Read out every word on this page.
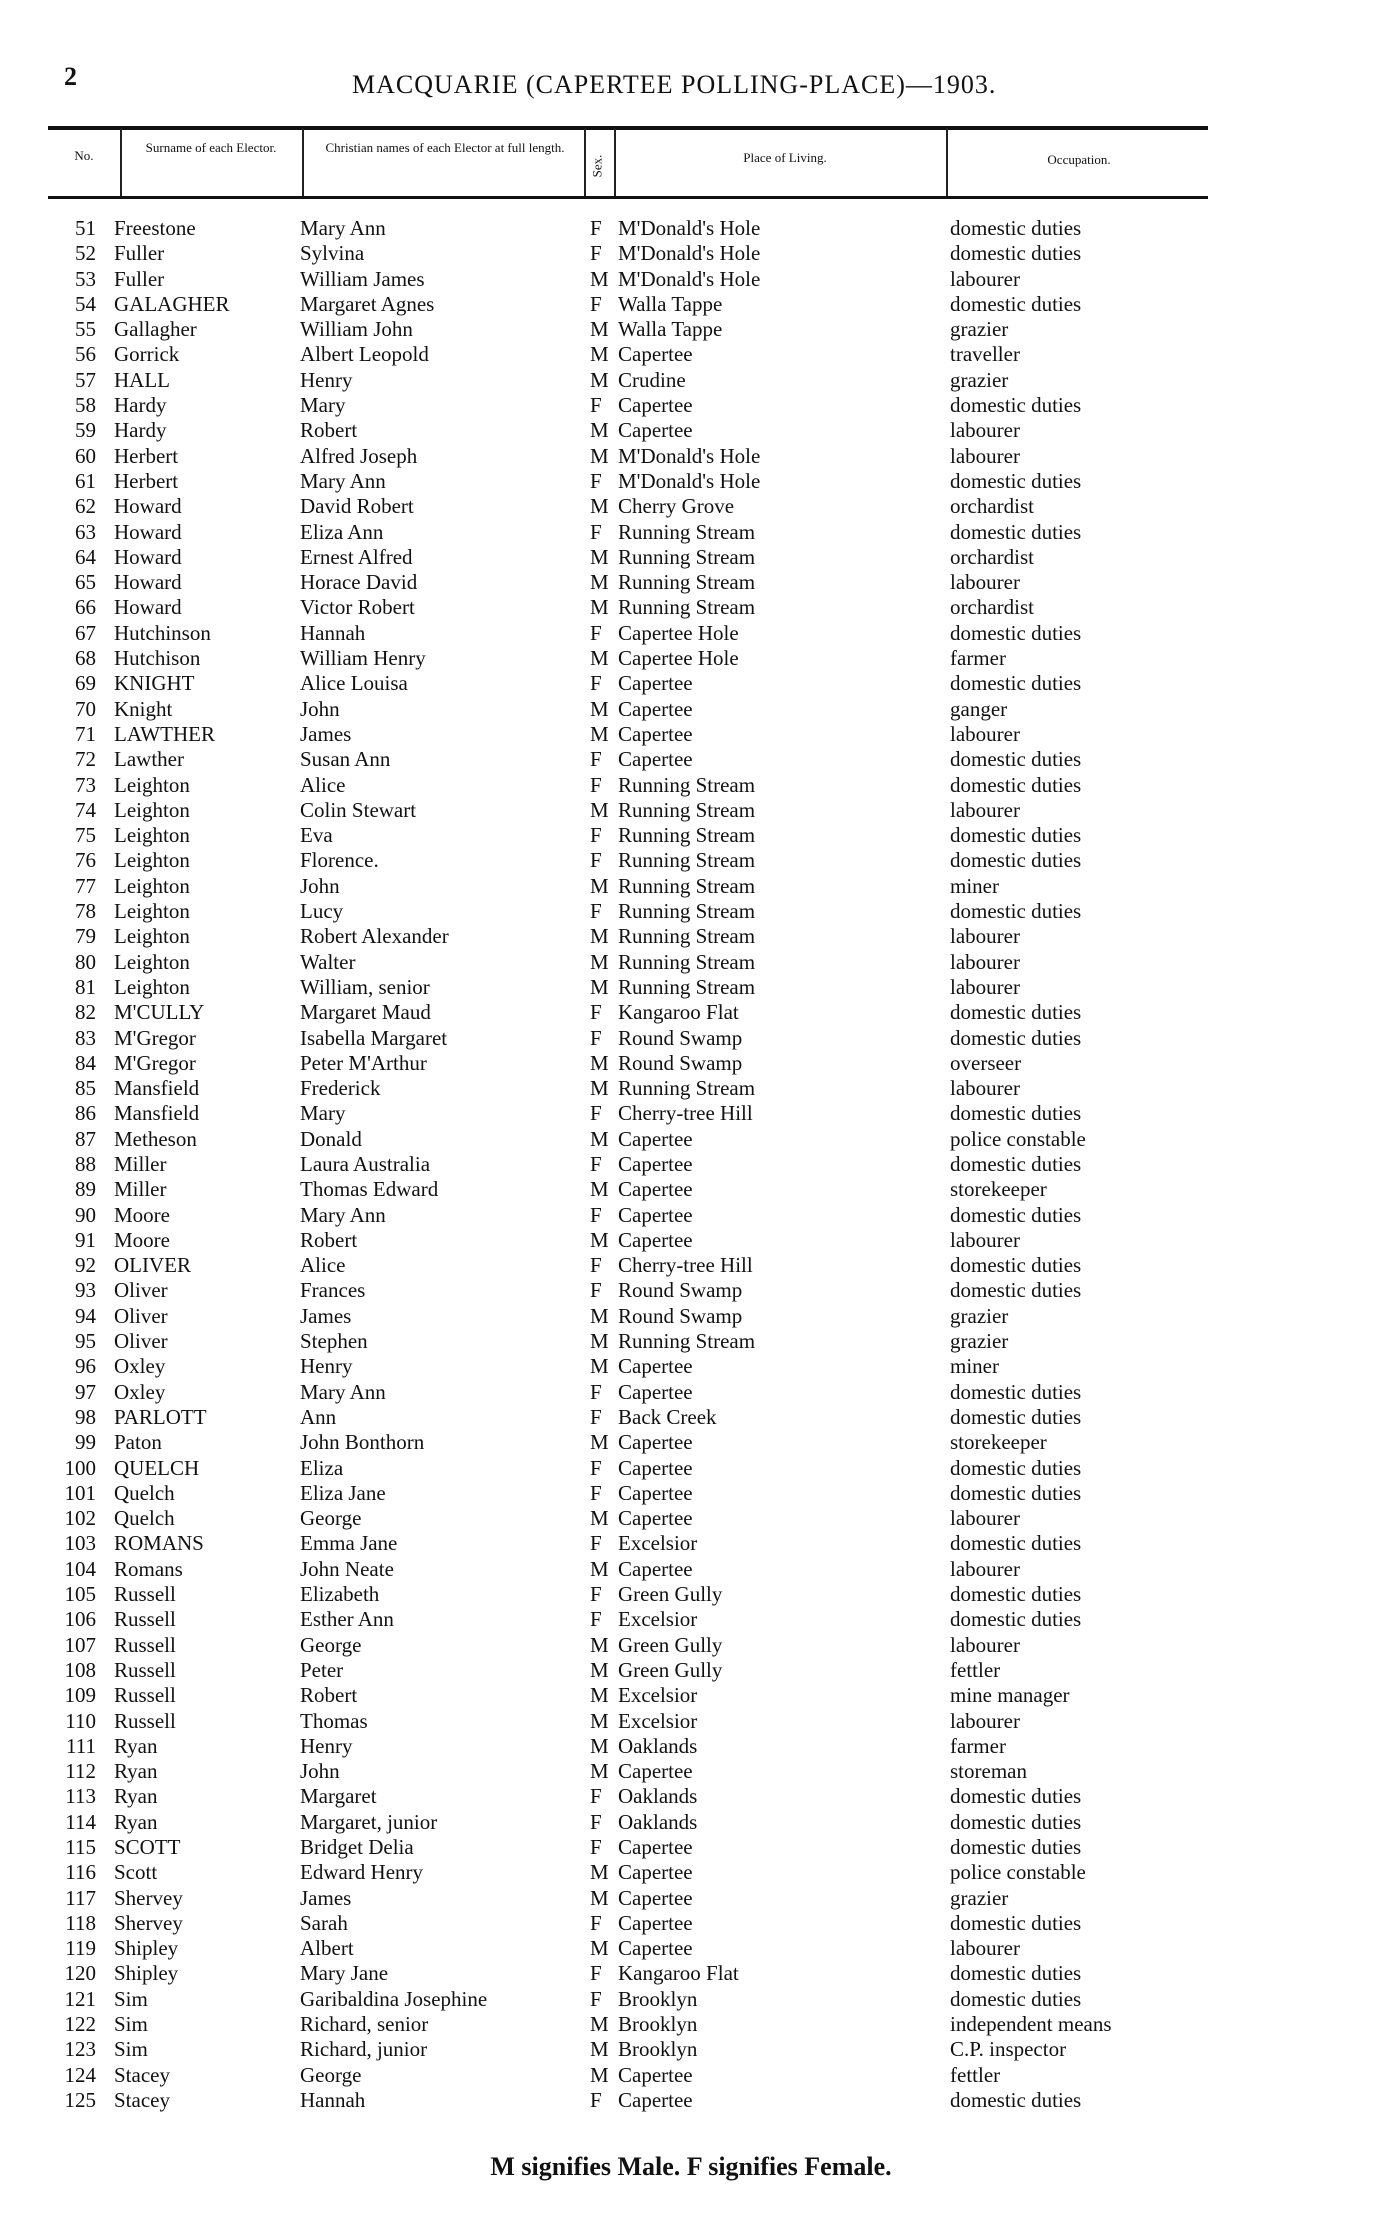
2	MACQUARIE (CAPERTEE POLLING-PLACE)—1903.
No.
Surname of each Elector.	Christian names of each Elector at full length.
Sex.	Place of Living.	Occupation.
51 Freestone	Mary Ann	F M'Donald's Hole	domestic duties
52 Fuller	Sylvina	F M'Donald's Hole	domestic duties
53 Fuller	William James	M M'Donald's Hole	labourer
54 GALAGHER	Margaret Agnes	F Walla Tappe	domestic duties
55 Gallagher	William John	M Walla Tappe	grazier
56 Gorrick	Albert Leopold	M Capertee	traveller
57 HALL	Henry	M Crudine	grazier
58 Hardy	Mary	F Capertee	domestic duties
59 Hardy	Robert	M Capertee	labourer
60 Herbert	Alfred Joseph	M M'Donald's Hole	labourer
61 Herbert	Mary Ann	F M'Donald's Hole	domestic duties
62 Howard	David Robert	M Cherry Grove	orchardist
63 Howard	Eliza Ann	F Running Stream	domestic duties
64 Howard	Ernest Alfred	M Running Stream	orchardist
65 Howard	Horace David	M Running Stream	labourer
66 Howard	Victor Robert	M Running Stream	orchardist
67 Hutchinson	Hannah	F Capertee Hole	domestic duties
68 Hutchison	William Henry	M Capertee Hole	farmer
69 KNIGHT	Alice Louisa	F Capertee	domestic duties
70 Knight	John	M Capertee	ganger
71 LAWTHER	James	M Capertee	labourer
72 Lawther	Susan Ann	F Capertee	domestic duties
73 Leighton	Alice	F Running Stream	domestic duties
74 Leighton	Colin Stewart	M Running Stream	labourer
75 Leighton	Eva	F Running Stream	domestic duties
76 Leighton	Florence.	F Running Stream	domestic duties
77 Leighton	John	M Running Stream	miner
78 Leighton	Lucy	F Running Stream	domestic duties
79 Leighton	Robert Alexander	M Running Stream	labourer
80 Leighton	Walter	M Running Stream	labourer
81 Leighton	William, senior	M Running Stream	labourer
82 M'CULLY	Margaret Maud	F Kangaroo Flat	domestic duties
83 M'Gregor	Isabella Margaret	F Round Swamp	domestic duties
84 M'Gregor	Peter M'Arthur	M Round Swamp	overseer
85 Mansfield	Frederick	M Running Stream	labourer
86 Mansfield	Mary	F Cherry-tree Hill	domestic duties
87 Metheson	Donald	M Capertee	police constable
88 Miller	Laura Australia	F Capertee	domestic duties
89 Miller	Thomas Edward	M Capertee	storekeeper
90 Moore	Mary Ann	F Capertee	domestic duties
91 Moore	Robert	M Capertee	labourer
92 OLIVER	Alice	F Cherry-tree Hill	domestic duties
93 Oliver	Frances	F Round Swamp	domestic duties
94 Oliver	James	M Round Swamp	grazier
95 Oliver	Stephen	M Running Stream	grazier
96 Oxley	Henry	M Capertee	miner
97 Oxley	Mary Ann	F Capertee	domestic duties
98 PARLOTT	Ann	F Back Creek	domestic duties
99 Paton	John Bonthorn	M Capertee	storekeeper
100 QUELCH	Eliza	F Capertee	domestic duties
101 Quelch	Eliza Jane	F Capertee	domestic duties
102 Quelch	George	M Capertee	labourer
103 ROMANS	Emma Jane	F Excelsior	domestic duties
104 Romans	John Neate	M Capertee	labourer
105 Russell	Elizabeth	F Green Gully	domestic duties
106 Russell	Esther Ann	F Excelsior	domestic duties
107 Russell	George	M Green Gully	labourer
108 Russell	Peter	M Green Gully	fettler
109 Russell	Robert	M Excelsior	mine manager
110 Russell	Thomas	M Excelsior	labourer
111 Ryan	Henry	M Oaklands	farmer
112 Ryan	John	M Capertee	storeman
113 Ryan	Margaret	F Oaklands	domestic duties
114 Ryan	Margaret, junior	F Oaklands	domestic duties
115 SCOTT	Bridget Delia	F Capertee	domestic duties
116 Scott	Edward Henry	M Capertee	police constable
117 Shervey	James	M Capertee	grazier
118 Shervey	Sarah	F Capertee	domestic duties
119 Shipley	Albert	M Capertee	labourer
120 Shipley	Mary Jane	F Kangaroo Flat	domestic duties
121 Sim	Garibaldina Josephine	F Brooklyn	domestic duties
122 Sim	Richard, senior	M Brooklyn	independent means
123 Sim	Richard, junior	M Brooklyn	C.P. inspector
124 Stacey	George	M Capertee	fettler
125 Stacey	Hannah	F Capertee	domestic duties
M signifies Male. F signifies Female.
